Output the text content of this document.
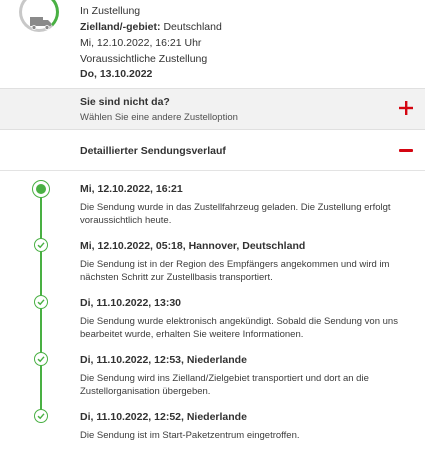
In Zustellung
Zielland/-gebiet: Deutschland
Mi, 12.10.2022, 16:21 Uhr
Voraussichtliche Zustellung
Do, 13.10.2022
Sie sind nicht da?
Wählen Sie eine andere Zustelloption
Detaillierter Sendungsverlauf
Mi, 12.10.2022, 16:21
Die Sendung wurde in das Zustellfahrzeug geladen. Die Zustellung erfolgt voraussichtlich heute.
Mi, 12.10.2022, 05:18, Hannover, Deutschland
Die Sendung ist in der Region des Empfängers angekommen und wird im nächsten Schritt zur Zustellbasis transportiert.
Di, 11.10.2022, 13:30
Die Sendung wurde elektronisch angekündigt. Sobald die Sendung von uns bearbeitet wurde, erhalten Sie weitere Informationen.
Di, 11.10.2022, 12:53, Niederlande
Die Sendung wird ins Zielland/Zielgebiet transportiert und dort an die Zustellorganisation übergeben.
Di, 11.10.2022, 12:52, Niederlande
Die Sendung ist im Start-Paketzentrum eingetroffen.
